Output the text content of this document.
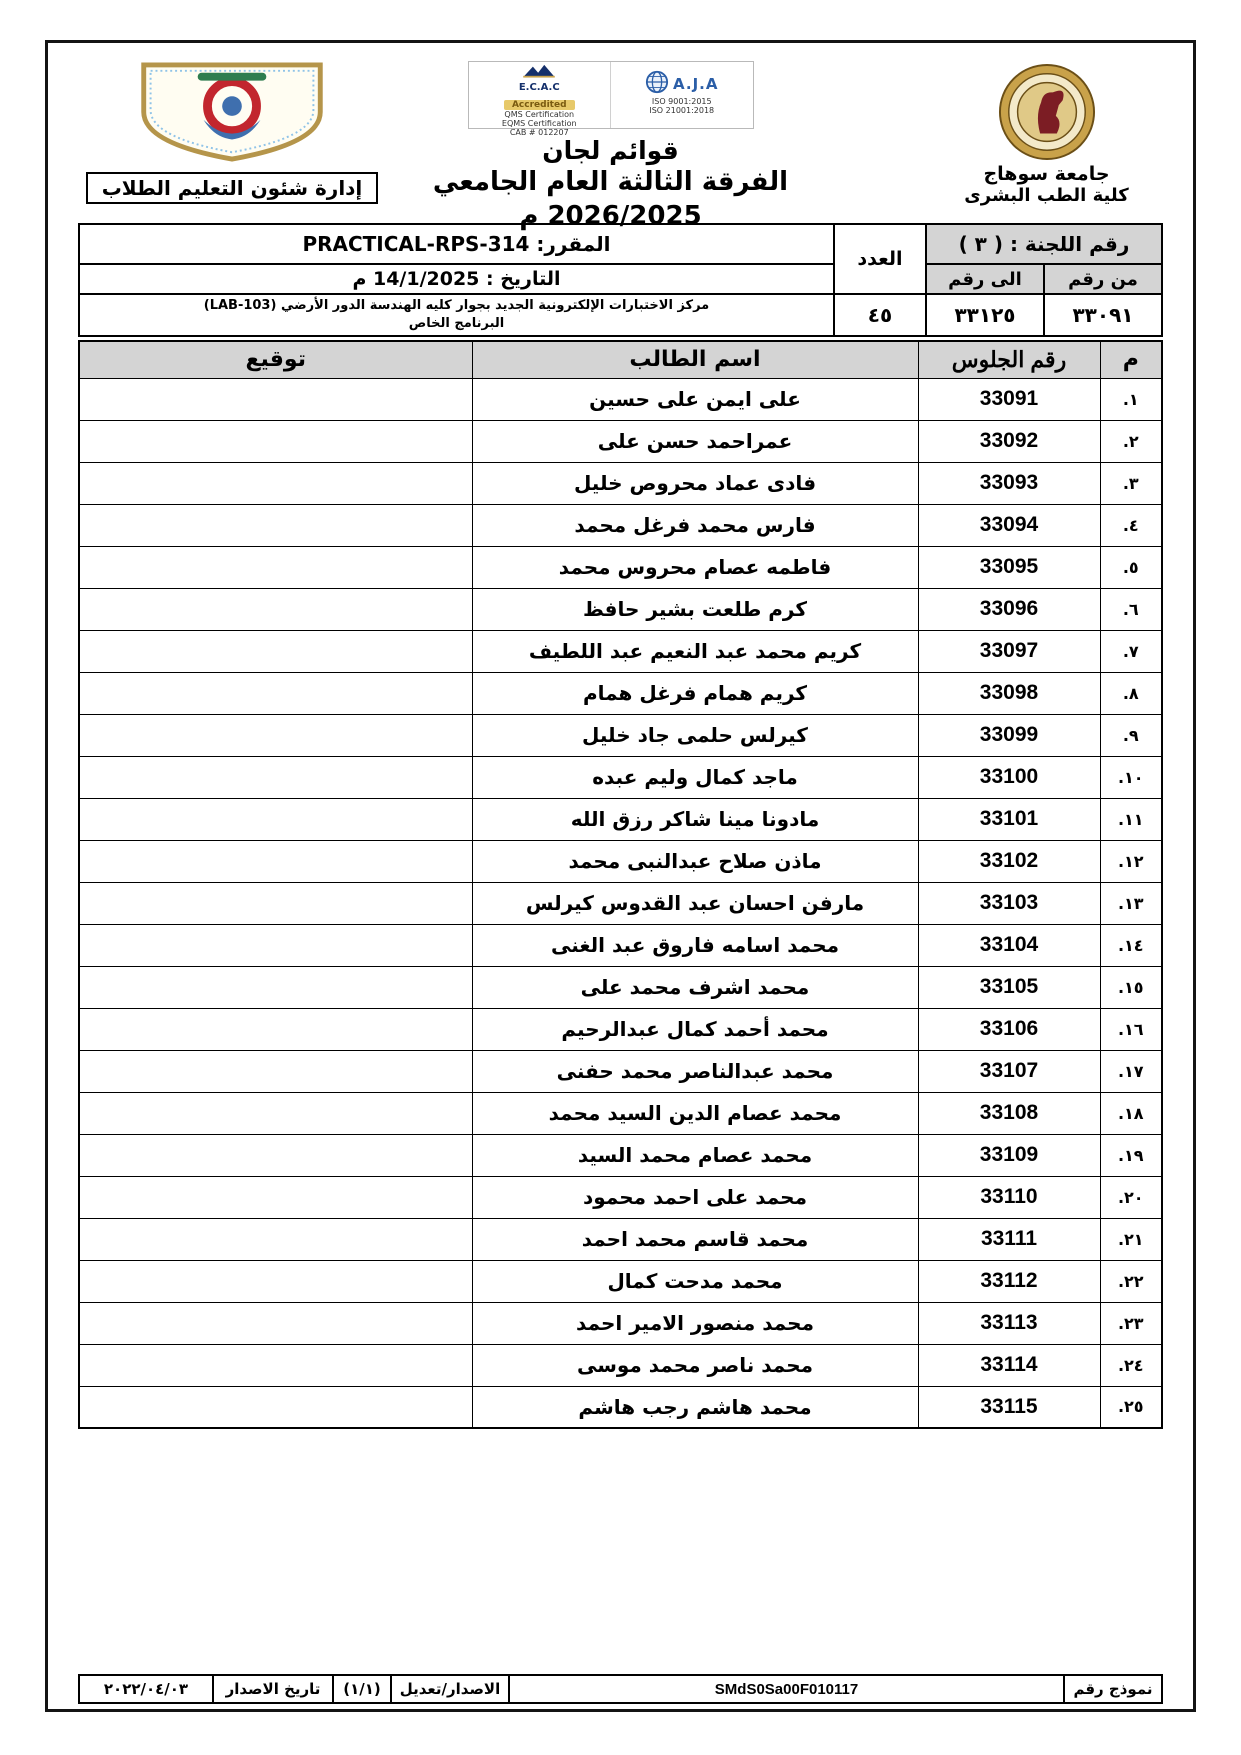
جامعة سوهاج
كلية الطب البشرى
E.C.A.C
Accredited
QMS Certification
EQMS Certification
CAB # 012207
A.J.A
ISO 9001:2015
ISO 21001:2018
قوائم لجان
الفرقة الثالثة العام الجامعي 2026/2025 م
إدارة شئون التعليم الطلاب
رقم اللجنة : ( ٣ )		العدد	المقرر: PRACTICAL-RPS-314
من رقم	الى رقم		التاريخ : 14/1/2025 م
٣٣٠٩١	٣٣١٢٥	٤٥	مركز الاختبارات الإلكترونية الجديد بجوار كليه الهندسة الدور الأرضي (LAB-103)
البرنامج الخاص
م	رقم الجلوس	اسم الطالب	توقيع
١.	33091	على ايمن على حسين	
٢.	33092	عمراحمد حسن على	
٣.	33093	فادى عماد محروص خليل	
٤.	33094	فارس محمد فرغل محمد	
٥.	33095	فاطمه عصام محروس محمد	
٦.	33096	كرم طلعت بشير حافظ	
٧.	33097	كريم محمد عبد النعيم عبد اللطيف	
٨.	33098	كريم همام فرغل همام	
٩.	33099	كيرلس حلمى جاد خليل	
١٠.	33100	ماجد كمال وليم عبده	
١١.	33101	مادونا مينا شاكر رزق الله	
١٢.	33102	ماذن صلاح عبدالنبى محمد	
١٣.	33103	مارفن احسان عبد القدوس كيرلس	
١٤.	33104	محمد اسامه فاروق عبد الغنى	
١٥.	33105	محمد اشرف محمد على	
١٦.	33106	محمد أحمد كمال عبدالرحيم	
١٧.	33107	محمد عبدالناصر محمد حفنى	
١٨.	33108	محمد عصام الدين السيد محمد	
١٩.	33109	محمد عصام محمد السيد	
٢٠.	33110	محمد على احمد محمود	
٢١.	33111	محمد قاسم محمد احمد	
٢٢.	33112	محمد مدحت كمال	
٢٣.	33113	محمد منصور الامير احمد	
٢٤.	33114	محمد ناصر محمد موسى	
٢٥.	33115	محمد هاشم رجب هاشم	
نموذج رقم	SMdS0Sa00F010117	الاصدار/تعديل	(١/١)	تاريخ الاصدار	٢٠٢٢/٠٤/٠٣
